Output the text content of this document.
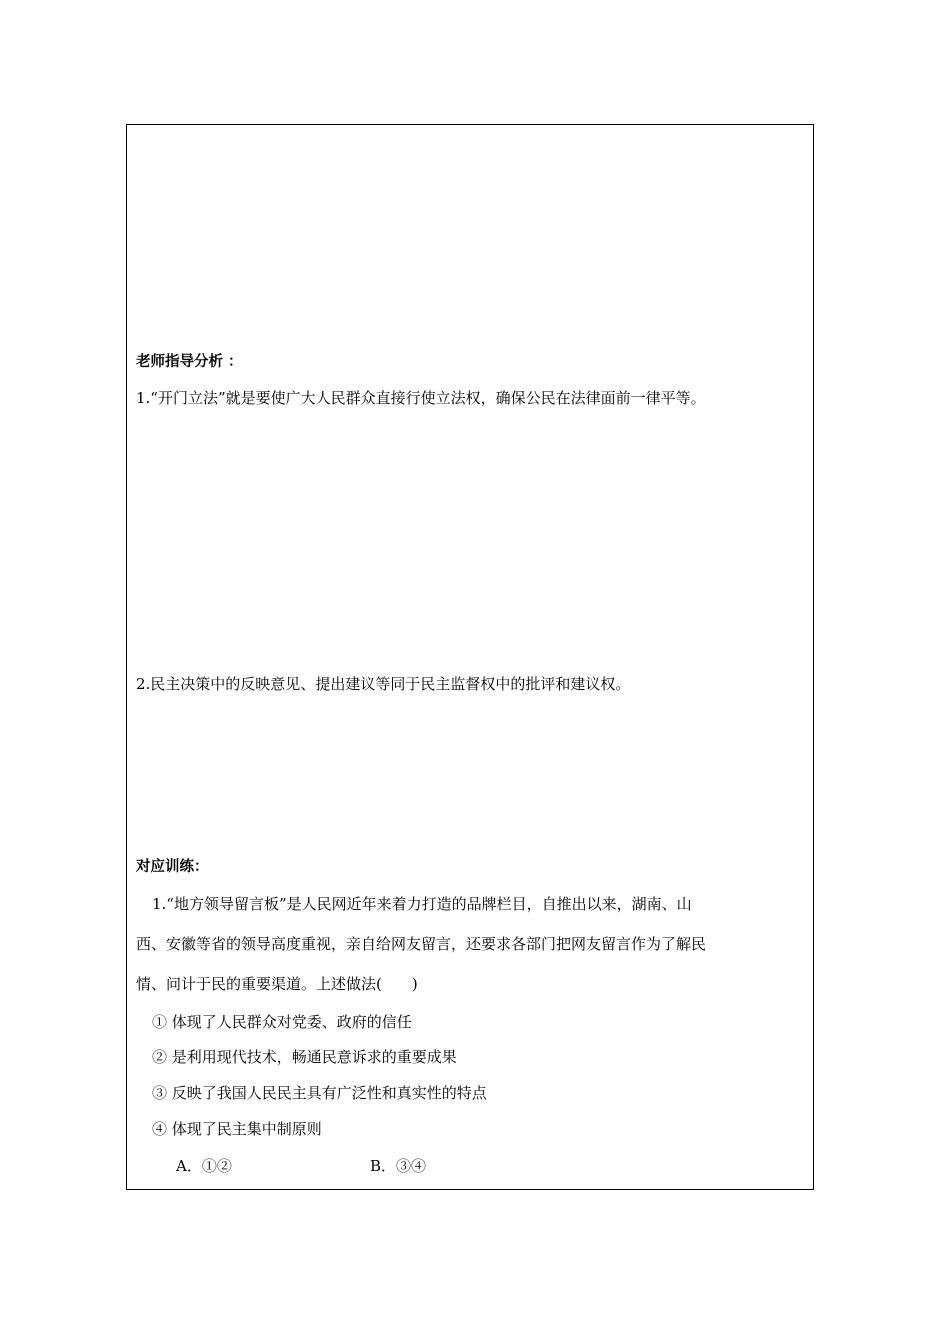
老师指导分析 ：
1.“开门立法”就是要使广大人民群众直接行使立法权，确保公民在法律面前一律平等。
2.民主决策中的反映意见、提出建议等同于民主监督权中的批评和建议权。
对应训练：
1.“地方领导留言板”是人民网近年来着力打造的品牌栏目，自推出以来，湖南、山
西、安徽等省的领导高度重视，亲自给网友留言，还要求各部门把网友留言作为了解民
情、问计于民的重要渠道。上述做法(　　)
① 体现了人民群众对党委、政府的信任
② 是利用现代技术，畅通民意诉求的重要成果
③ 反映了我国人民民主具有广泛性和真实性的特点
④ 体现了民主集中制原则
A．①②	B．③④
